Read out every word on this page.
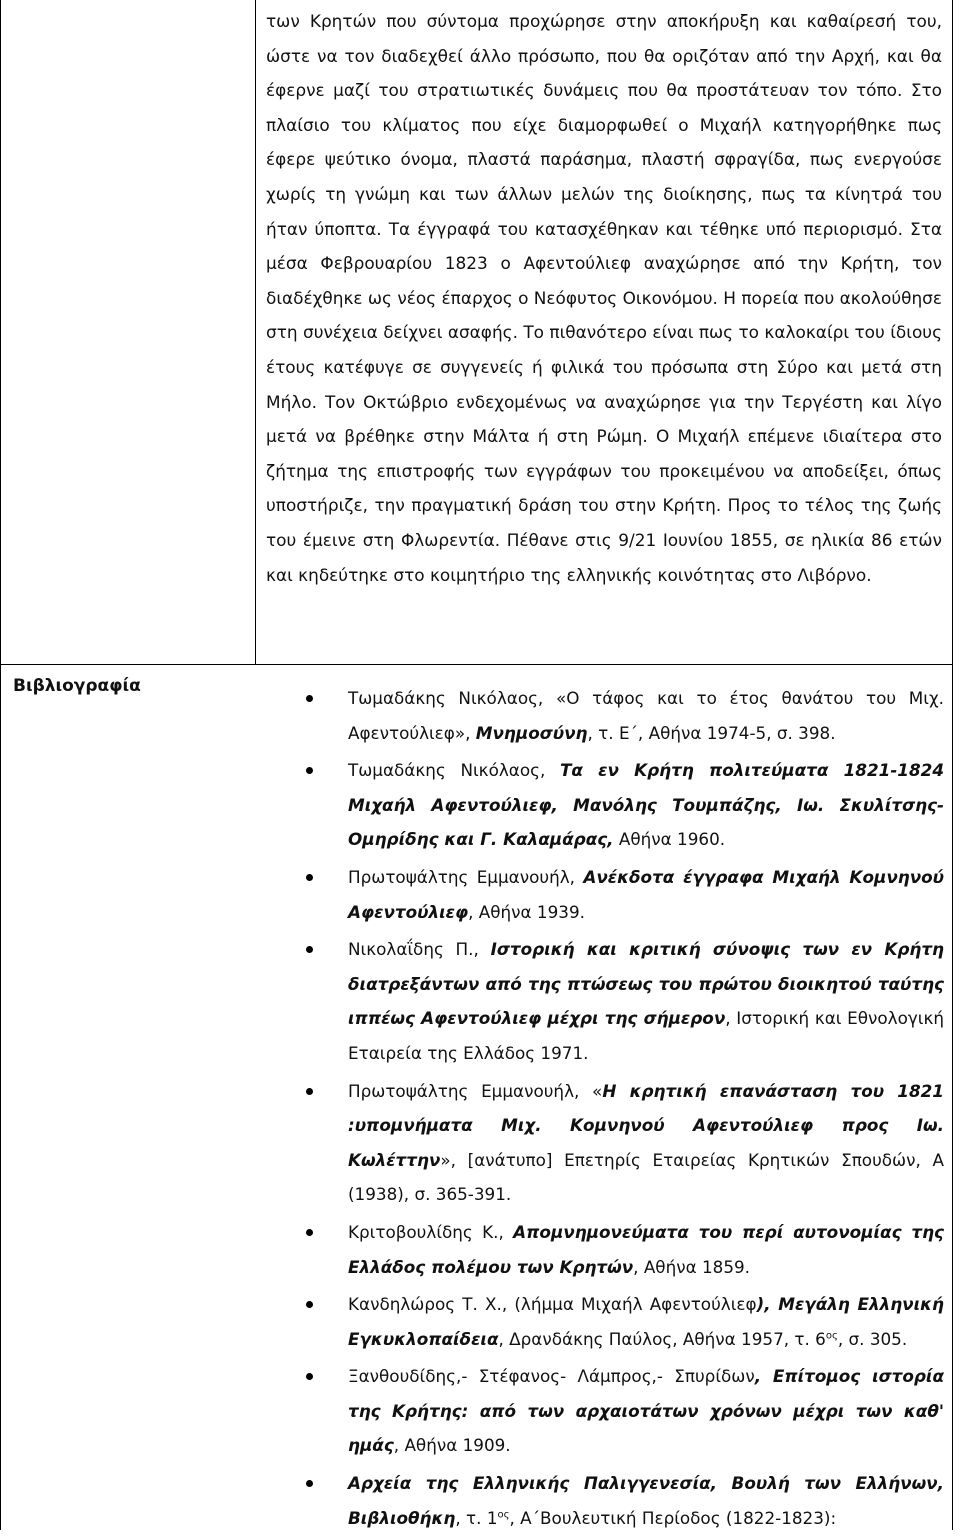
των Κρητών που σύντομα προχώρησε στην αποκήρυξη και καθαίρεσή του, ώστε να τον διαδεχθεί άλλο πρόσωπο, που θα οριζόταν από την Αρχή, και θα έφερνε μαζί του στρατιωτικές δυνάμεις που θα προστάτευαν τον τόπο. Στο πλαίσιο του κλίματος που είχε διαμορφωθεί ο Μιχαήλ κατηγορήθηκε πως έφερε ψεύτικο όνομα, πλαστά παράσημα, πλαστή σφραγίδα, πως ενεργούσε χωρίς τη γνώμη και των άλλων μελών της διοίκησης, πως τα κίνητρά του ήταν ύποπτα. Τα έγγραφά του κατασχέθηκαν και τέθηκε υπό περιορισμό. Στα μέσα Φεβρουαρίου 1823 ο Αφεντούλιεφ αναχώρησε από την Κρήτη, τον διαδέχθηκε ως νέος έπαρχος ο Νεόφυτος Οικονόμου. Η πορεία που ακολούθησε στη συνέχεια δείχνει ασαφής. Το πιθανότερο είναι πως το καλοκαίρι του ίδιους έτους κατέφυγε σε συγγενείς ή φιλικά του πρόσωπα στη Σύρο και μετά στη Μήλο. Τον Οκτώβριο ενδεχομένως να αναχώρησε για την Τεργέστη και λίγο μετά να βρέθηκε στην Μάλτα ή στη Ρώμη. Ο Μιχαήλ επέμενε ιδιαίτερα στο ζήτημα της επιστροφής των εγγράφων του προκειμένου να αποδείξει, όπως υποστήριζε, την πραγματική δράση του στην Κρήτη. Προς το τέλος της ζωής του έμεινε στη Φλωρεντία. Πέθανε στις 9/21 Ιουνίου 1855, σε ηλικία 86 ετών και κηδεύτηκε στο κοιμητήριο της ελληνικής κοινότητας στο Λιβόρνο.

Βιβλιογραφία
Τωμαδάκης Νικόλαος, «Ο τάφος και το έτος θανάτου του Μιχ. Αφεντούλιεφ», Μνημοσύνη, τ. Ε΄, Αθήνα 1974-5, σ. 398.
Τωμαδάκης Νικόλαος, Τα εν Κρήτη πολιτεύματα 1821-1824 Μιχαήλ Αφεντούλιεφ, Μανόλης Τουμπάζης, Ιω. Σκυλίτσης-Ομηρίδης και Γ. Καλαμάρας, Αθήνα 1960.
Πρωτοψάλτης Εμμανουήλ, Ανέκδοτα έγγραφα Μιχαήλ Κομνηνού Αφεντούλιεφ, Αθήνα 1939.
Νικολαΐδης Π., Ιστορική και κριτική σύνοψις των εν Κρήτη διατρεξάντων από της πτώσεως του πρώτου διοικητού ταύτης ιππέως Αφεντούλιεφ μέχρι της σήμερον, Ιστορική και Εθνολογική Εταιρεία της Ελλάδος 1971.
Πρωτοψάλτης Εμμανουήλ, «Η κρητική επανάσταση του 1821 :υπομνήματα Μιχ. Κομνηνού Αφεντούλιεφ προς Ιω. Κωλέττην», [ανάτυπο] Επετηρίς Εταιρείας Κρητικών Σπουδών, Α (1938), σ. 365-391.
Κριτοβουλίδης Κ., Απομνημονεύματα του περί αυτονομίας της Ελλάδος πολέμου των Κρητών, Αθήνα 1859.
Κανδηλώρος Τ. Χ., (λήμμα Μιχαήλ Αφεντούλιεφ), Μεγάλη Ελληνική Εγκυκλοπαίδεια, Δρανδάκης Παύλος, Αθήνα 1957, τ. $6^{o\varsigma}$, σ. 305.
Ξανθουδίδης,- Στέφανος- Λάμπρος,- Σπυρίδων, Επίτομος ιστορία της Κρήτης: από των αρχαιοτάτων χρόνων μέχρι των καθ' ημάς, Αθήνα 1909.
Αρχεία της Ελληνικής Παλιγγενεσία, Βουλή των Ελλήνων, Βιβλιοθήκη, τ. $1^{o\varsigma}$, Α΄Βουλευτική Περίοδος (1822-1823):
